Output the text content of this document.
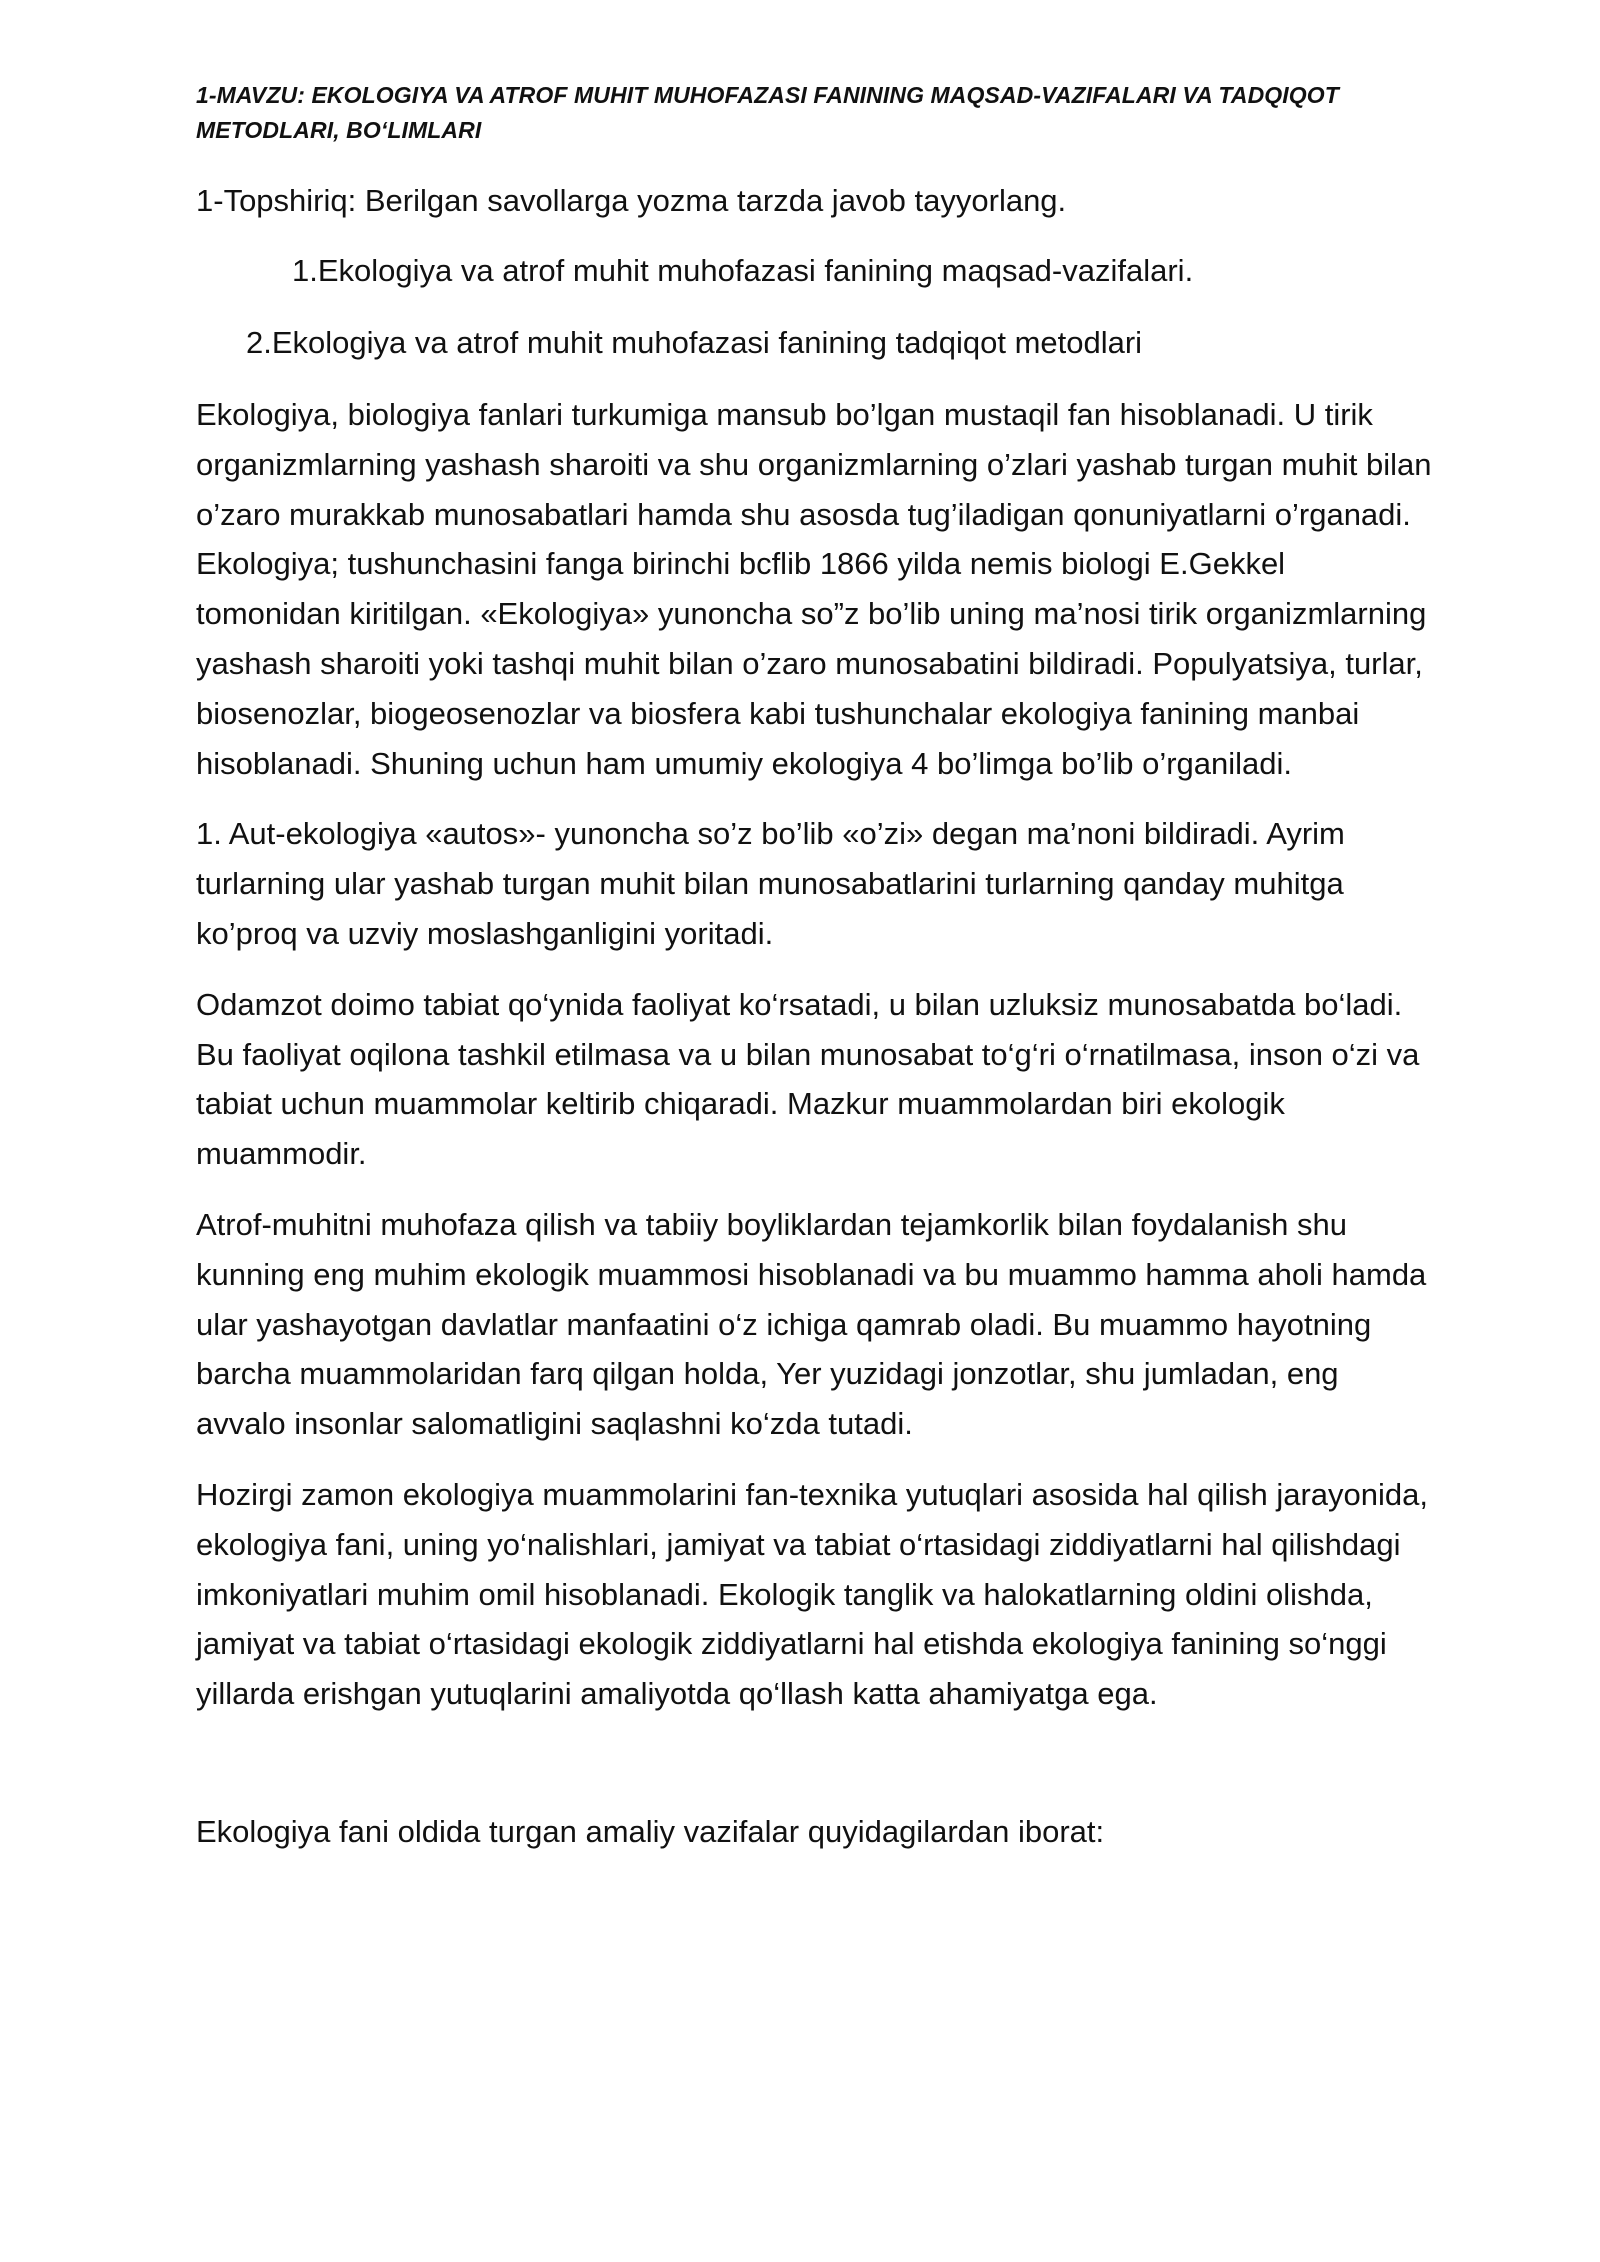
1-MAVZU: EKOLOGIYA VA ATROF MUHIT MUHOFAZASI FANINING MAQSAD-VAZIFALARI VA TADQIQOT METODLARI, BO‘LIMLARI
1-Topshiriq: Berilgan savollarga yozma tarzda javob tayyorlang.
1.Ekologiya va atrof muhit muhofazasi fanining maqsad-vazifalari.
2.Ekologiya va atrof muhit muhofazasi fanining tadqiqot metodlari

Ekologiya, biologiya fanlari turkumiga mansub bo’lgan mustaqil fan hisoblanadi. U tirik organizmlarning yashash sharoiti va shu organizmlarning o’zlari yashab turgan muhit bilan o’zaro murakkab munosabatlari hamda shu asosda tug’iladigan qonuniyatlarni o’rganadi. Ekologiya; tushunchasini fanga birinchi bcflib 1866 yilda nemis biologi E.Gekkel tomonidan kiritilgan. «Ekologiya» yunoncha so”z bo’lib uning ma’nosi tirik organizmlarning yashash sharoiti yoki tashqi muhit bilan o’zaro munosabatini bildiradi. Populyatsiya, turlar, biosenozlar, biogeosenozlar va biosfera kabi tushunchalar ekologiya fanining manbai hisoblanadi. Shuning uchun ham umumiy ekologiya 4 bo’limga bo’lib o’rganiladi.

1. Aut-ekologiya «autos»- yunoncha so’z bo’lib «o’zi» degan ma’noni bildiradi. Ayrim turlarning ular yashab turgan muhit bilan munosabatlarini turlarning qanday muhitga ko’proq va uzviy moslashganligini yoritadi.

Odamzot doimo tabiat qo‘ynida faoliyat ko‘rsatadi, u bilan uzluksiz munosabatda bo‘ladi. Bu faoliyat oqilona tashkil etilmasa va u bilan munosabat to‘g‘ri o‘rnatilmasa, inson o‘zi va tabiat uchun muammolar keltirib chiqaradi. Mazkur muammolardan biri ekologik muammodir.

Atrof-muhitni muhofaza qilish va tabiiy boyliklardan tejamkorlik bilan foydalanish shu kunning eng muhim ekologik muammosi hisoblanadi va bu muammo hamma aholi hamda ular yashayotgan davlatlar manfaatini o‘z ichiga qamrab oladi. Bu muammo hayotning barcha muammolaridan farq qilgan holda, Yer yuzidagi jonzotlar, shu jumladan, eng avvalo insonlar salomatligini saqlashni ko‘zda tutadi.

Hozirgi zamon ekologiya muammolarini fan-texnika yutuqlari asosida hal qilish jarayonida, ekologiya fani, uning yo‘nalishlari, jamiyat va tabiat o‘rtasidagi ziddiyatlarni hal qilishdagi imkoniyatlari muhim omil hisoblanadi. Ekologik tanglik va halokatlarning oldini olishda, jamiyat va tabiat o‘rtasidagi ekologik ziddiyatlarni hal etishda ekologiya fanining so‘nggi yillarda erishgan yutuqlarini amaliyotda qo‘llash katta ahamiyatga ega.

Ekologiya fani oldida turgan amaliy vazifalar quyidagilardan iborat:
